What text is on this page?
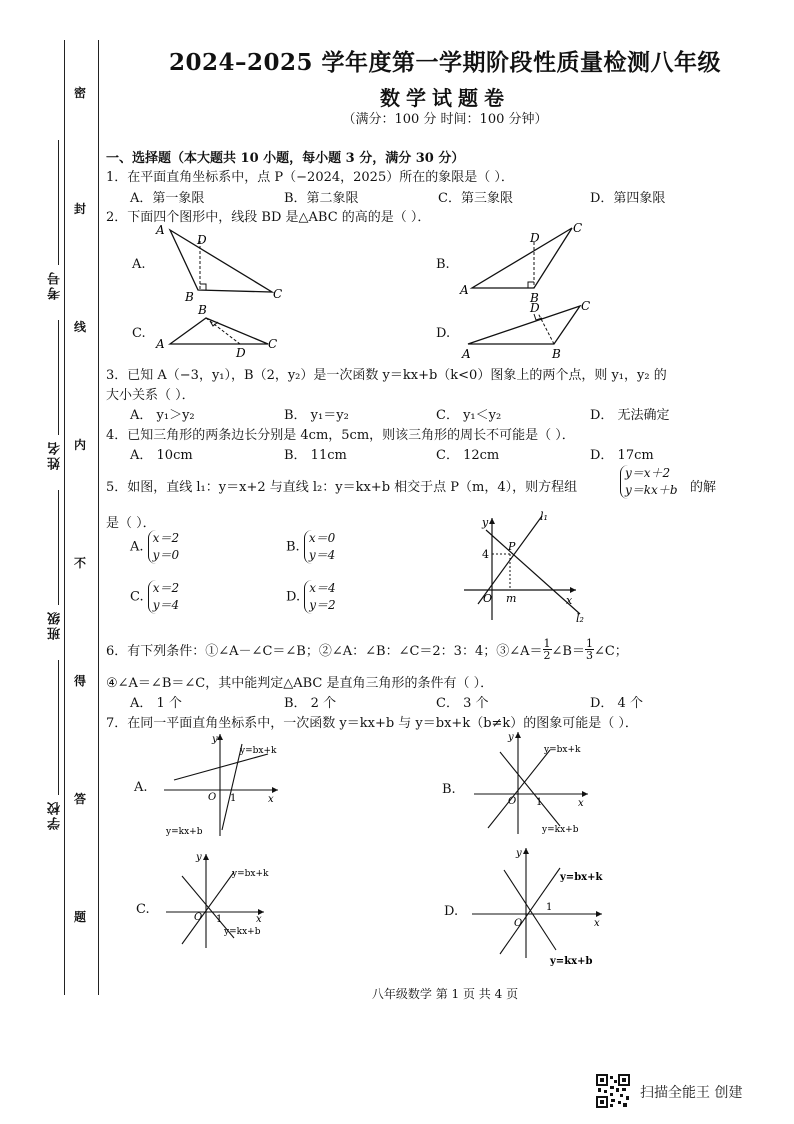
密
封
线
内
不
得
答
题
考号
姓名
班级
学校
2024–2025 学年度第一学期阶段性质量检测八年级
数学试题卷
（满分：100 分 时间：100 分钟）
一、选择题（本大题共 10 小题，每小题 3 分，满分 30 分）
1．在平面直角坐标系中，点 P（−2024，2025）所在的象限是（ ）．
A．第一象限	B．第二象限	C．第三象限	D．第四象限
2．下面四个图形中，线段 BD 是△ABC 的高的是（ ）．
A.	B.
C.	D.
A
D
B	C
C
D
A
B
B
A
D
C
C
D
A	B
3．已知 A（−3，y₁），B（2，y₂）是一次函数 y＝kx+b（k<0）图象上的两个点，则 y₁，y₂ 的
大小关系（ ）．
A． y₁＞y₂	B． y₁＝y₂	C． y₁＜y₂	D． 无法确定
4．已知三角形的两条边长分别是 4cm，5cm，则该三角形的周长不可能是（ ）．
A． 10cm	B． 11cm	C． 12cm	D． 17cm
5．如图，直线 l₁：y＝x+2 与直线 l₂：y＝kx+b 相交于点 P（m，4），则方程组
y＝x＋2
y＝kx＋b 的解
是（ ）．
A.
x＝2
y＝0
B.
x＝0
y＝4
C.
x＝2
y＝4
D.
x＝4
y＝2
y	l₁
l₂
P
4
O m	x
6．有下列条件：①∠A－∠C＝∠B；②∠A：∠B：∠C＝2：3：4；③∠A＝ $\frac{1}{2}$ ∠B＝ $\frac{1}{3}$ ∠C；
④∠A＝∠B＝∠C，其中能判定△ABC 是直角三角形的条件有（ ）．
A． 1 个	B． 2 个	C． 3 个	D． 4 个
7．在同一平面直角坐标系中，一次函数 y＝kx+b 与 y＝bx+k（b≠k）的图象可能是（ ）．
A.	B.
C.	D.
y
x
O 1
y=bx+k
y=kx+b
y
x
O 1
y=bx+k
y=kx+b
y
x
O 1
y=bx+k
y=kx+b
y
x
O
1
y=bx+k
y=kx+b
八年级数学 第 1 页 共 4 页
扫描全能王 创建
